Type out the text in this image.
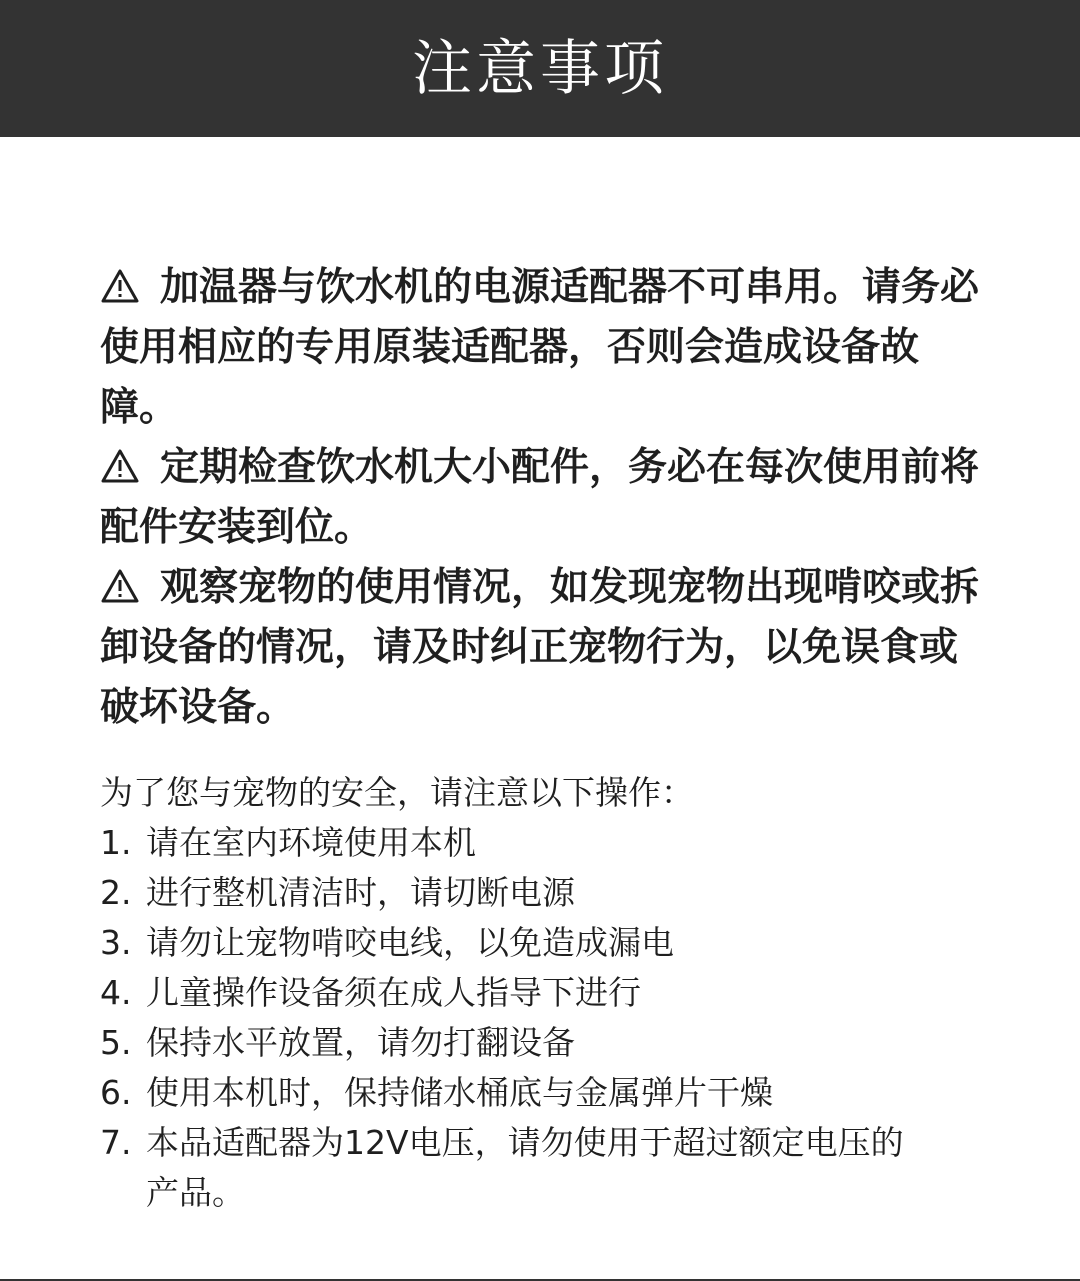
注意事项
加温器与饮水机的电源适配器不可串用。请务必使用相应的专用原装适配器，否则会造成设备故障。
定期检查饮水机大小配件，务必在每次使用前将配件安装到位。
观察宠物的使用情况，如发现宠物出现啃咬或拆卸设备的情况，请及时纠正宠物行为，以免误食或破坏设备。
为了您与宠物的安全，请注意以下操作：
1. 请在室内环境使用本机
2. 进行整机清洁时，请切断电源
3. 请勿让宠物啃咬电线，以免造成漏电
4. 儿童操作设备须在成人指导下进行
5. 保持水平放置，请勿打翻设备
6. 使用本机时，保持储水桶底与金属弹片干燥
7. 本品适配器为12V电压，请勿使用于超过额定电压的产品。
